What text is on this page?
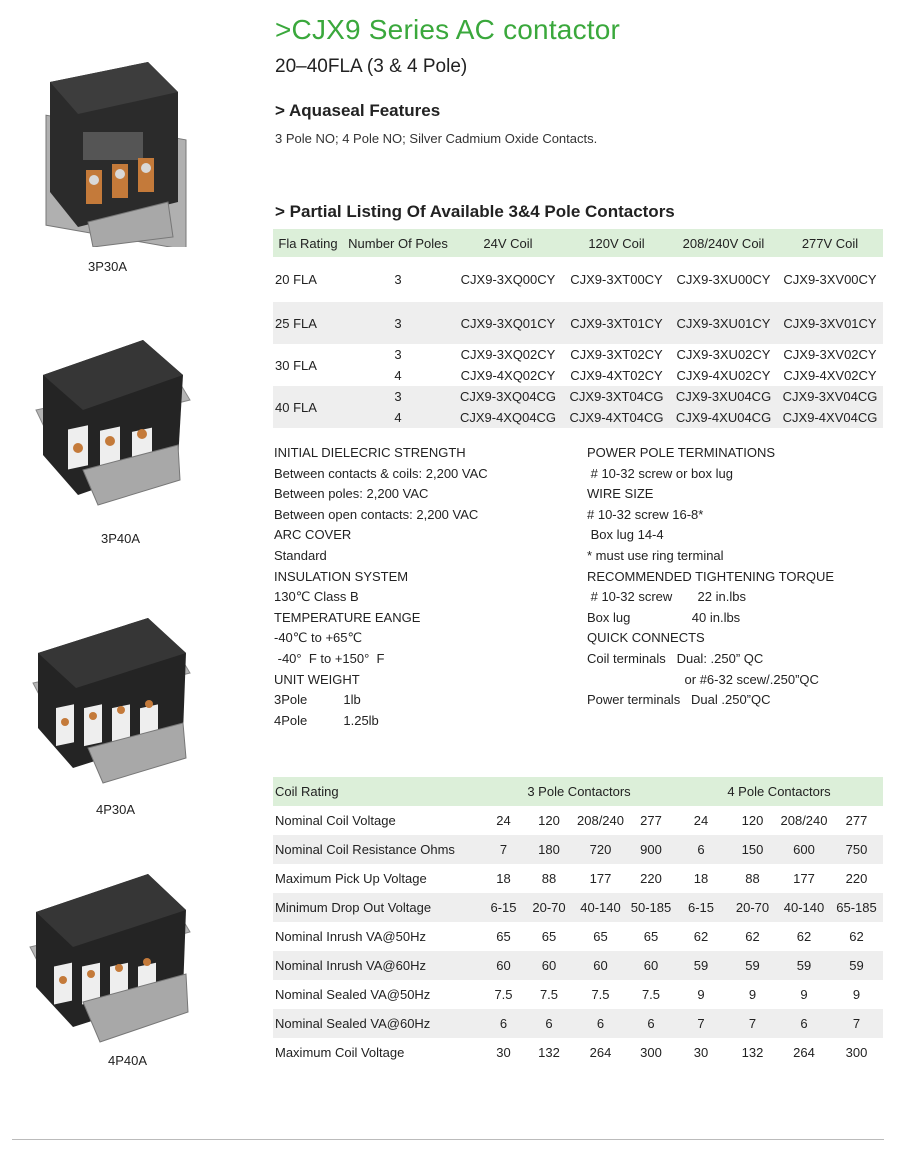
3P30A
3P40A
4P30A
4P40A
>CJX9 Series AC contactor
20–40FLA (3 & 4 Pole)
> Aquaseal Features
3 Pole NO; 4 Pole NO; Silver Cadmium Oxide Contacts.
> Partial Listing Of Available 3&4 Pole Contactors
Fla Rating	Number Of Poles	24V Coil	120V Coil	208/240V Coil	277V Coil

20 FLA	3	CJX9-3XQ00CY	CJX9-3XT00CY	CJX9-3XU00CY	CJX9-3XV00CY

25 FLA	3	CJX9-3XQ01CY	CJX9-3XT01CY	CJX9-3XU01CY	CJX9-3XV01CY
30 FLA	3	CJX9-3XQ02CY	CJX9-3XT02CY	CJX9-3XU02CY	CJX9-3XV02CY
	4	CJX9-4XQ02CY	CJX9-4XT02CY	CJX9-4XU02CY	CJX9-4XV02CY
40 FLA	3	CJX9-3XQ04CG	CJX9-3XT04CG	CJX9-3XU04CG	CJX9-3XV04CG
	4	CJX9-4XQ04CG	CJX9-4XT04CG	CJX9-4XU04CG	CJX9-4XV04CG
INITIAL DIELECRIC STRENGTH
Between contacts & coils: 2,200 VAC
Between poles: 2,200 VAC
Between open contacts: 2,200 VAC
ARC COVER
Standard
INSULATION SYSTEM
130℃ Class B
TEMPERATURE EANGE
-40℃ to +65℃
-40°  F to +150°  F
UNIT WEIGHT
3Pole          1lb
4Pole          1.25lb
POWER POLE TERMINATIONS
# 10-32 screw or box lug
WIRE SIZE
# 10-32 screw 16-8*
Box lug 14-4
* must use ring terminal
RECOMMENDED TIGHTENING TORQUE
# 10-32 screw       22 in.lbs
Box lug                 40 in.lbs
QUICK CONNECTS
Coil terminals   Dual: .250” QC
or #6-32 scew/.250”QC
Power terminals   Dual .250”QC
Coil Rating	3 Pole Contactors				4 Pole Contactors			
Nominal Coil Voltage	24	120	208/240	277	24	120	208/240	277
Nominal Coil Resistance Ohms	7	180	720	900	6	150	600	750
Maximum Pick Up Voltage	18	88	177	220	18	88	177	220
Minimum Drop Out Voltage	6-15	20-70	40-140	50-185	6-15	20-70	40-140	65-185
Nominal Inrush VA@50Hz	65	65	65	65	62	62	62	62
Nominal Inrush VA@60Hz	60	60	60	60	59	59	59	59
Nominal Sealed VA@50Hz	7.5	7.5	7.5	7.5	9	9	9	9
Nominal Sealed VA@60Hz	6	6	6	6	7	7	6	7
Maximum Coil Voltage	30	132	264	300	30	132	264	300
